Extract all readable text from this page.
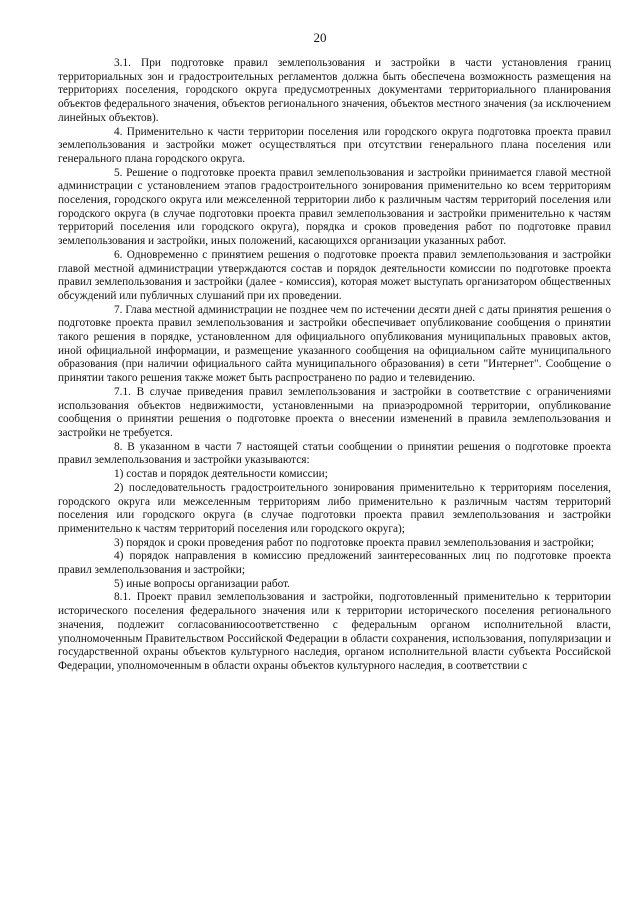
20

3.1. При подготовке правил землепользования и застройки в части установления границ территориальных зон и градостроительных регламентов должна быть обеспечена возможность размещения на территориях поселения, городского округа предусмотренных документами территориального планирования объектов федерального значения, объектов регионального значения, объектов местного значения (за исключением линейных объектов).

4. Применительно к части территории поселения или городского округа подготовка проекта правил землепользования и застройки может осуществляться при отсутствии генерального плана поселения или генерального плана городского округа.

5. Решение о подготовке проекта правил землепользования и застройки принимается главой местной администрации с установлением этапов градостроительного зонирования применительно ко всем территориям поселения, городского округа или межселенной территории либо к различным частям территорий поселения или городского округа (в случае подготовки проекта правил землепользования и застройки применительно к частям территорий поселения или городского округа), порядка и сроков проведения работ по подготовке правил землепользования и застройки, иных положений, касающихся организации указанных работ.

6. Одновременно с принятием решения о подготовке проекта правил землепользования и застройки главой местной администрации утверждаются состав и порядок деятельности комиссии по подготовке проекта правил землепользования и застройки (далее - комиссия), которая может выступать организатором общественных обсуждений или публичных слушаний при их проведении.

7. Глава местной администрации не позднее чем по истечении десяти дней с даты принятия решения о подготовке проекта правил землепользования и застройки обеспечивает опубликование сообщения о принятии такого решения в порядке, установленном для официального опубликования муниципальных правовых актов, иной официальной информации, и размещение указанного сообщения на официальном сайте муниципального образования (при наличии официального сайта муниципального образования) в сети "Интернет". Сообщение о принятии такого решения также может быть распространено по радио и телевидению.

7.1. В случае приведения правил землепользования и застройки в соответствие с ограничениями использования объектов недвижимости, установленными на приаэродромной территории, опубликование сообщения о принятии решения о подготовке проекта о внесении изменений в правила землепользования и застройки не требуется.

8. В указанном в части 7 настоящей статьи сообщении о принятии решения о подготовке проекта правил землепользования и застройки указываются:

1) состав и порядок деятельности комиссии;

2) последовательность градостроительного зонирования применительно к территориям поселения, городского округа или межселенным территориям либо применительно к различным частям территорий поселения или городского округа (в случае подготовки проекта правил землепользования и застройки применительно к частям территорий поселения или городского округа);

3) порядок и сроки проведения работ по подготовке проекта правил землепользования и застройки;

4) порядок направления в комиссию предложений заинтересованных лиц по подготовке проекта правил землепользования и застройки;

5) иные вопросы организации работ.

8.1. Проект правил землепользования и застройки, подготовленный применительно к территории исторического поселения федерального значения или к территории исторического поселения регионального значения, подлежит согласованиюсоответственно с федеральным органом исполнительной власти, уполномоченным Правительством Российской Федерации в области сохранения, использования, популяризации и государственной охраны объектов культурного наследия, органом исполнительной власти субъекта Российской Федерации, уполномоченным в области охраны объектов культурного наследия, в соответствии с
